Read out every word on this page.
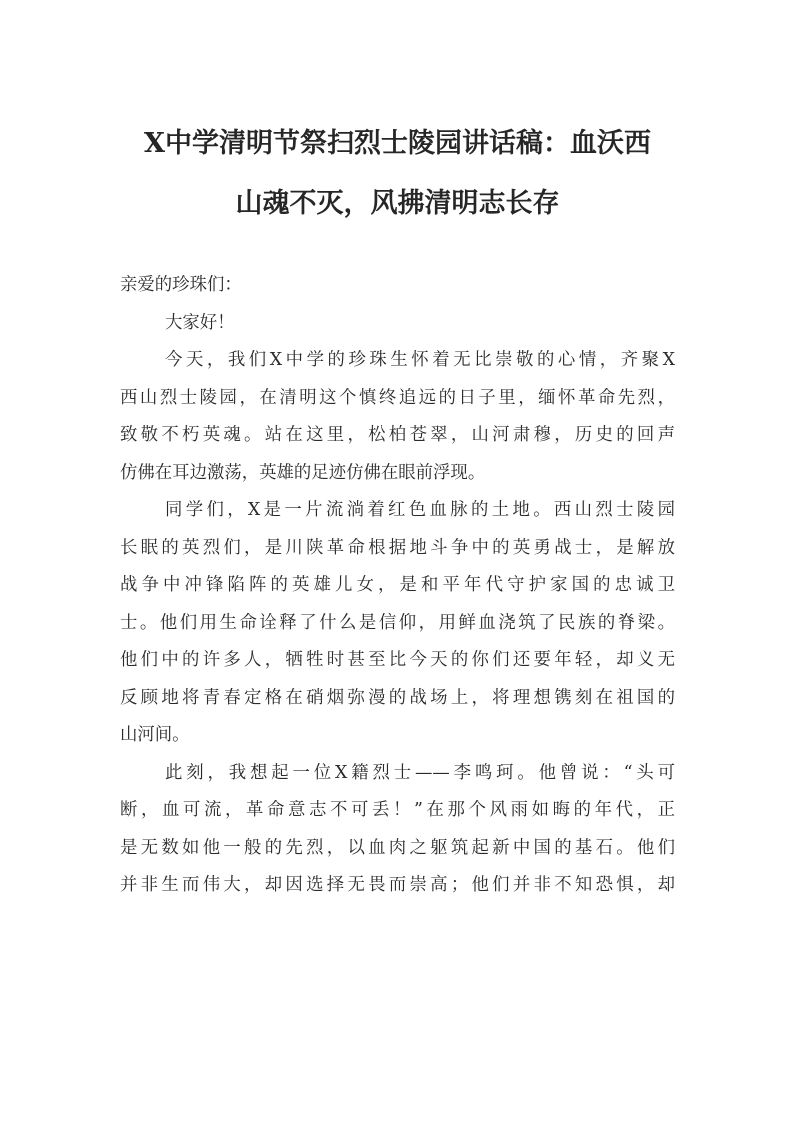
X中学清明节祭扫烈士陵园讲话稿：血沃西
山魂不灭，风拂清明志长存
亲爱的珍珠们：
大家好！
今天，我们X中学的珍珠生怀着无比崇敬的心情，齐聚X
西山烈士陵园，在清明这个慎终追远的日子里，缅怀革命先烈，
致敬不朽英魂。站在这里，松柏苍翠，山河肃穆，历史的回声
仿佛在耳边激荡，英雄的足迹仿佛在眼前浮现。
同学们，X是一片流淌着红色血脉的土地。西山烈士陵园
长眠的英烈们，是川陕革命根据地斗争中的英勇战士，是解放
战争中冲锋陷阵的英雄儿女，是和平年代守护家国的忠诚卫
士。他们用生命诠释了什么是信仰，用鲜血浇筑了民族的脊梁。
他们中的许多人，牺牲时甚至比今天的你们还要年轻，却义无
反顾地将青春定格在硝烟弥漫的战场上，将理想镌刻在祖国的
山河间。
此刻，我想起一位X籍烈士——李鸣珂。他曾说：“头可
断，血可流，革命意志不可丢！”在那个风雨如晦的年代，正
是无数如他一般的先烈，以血肉之躯筑起新中国的基石。他们
并非生而伟大，却因选择无畏而崇高；他们并非不知恐惧，却
